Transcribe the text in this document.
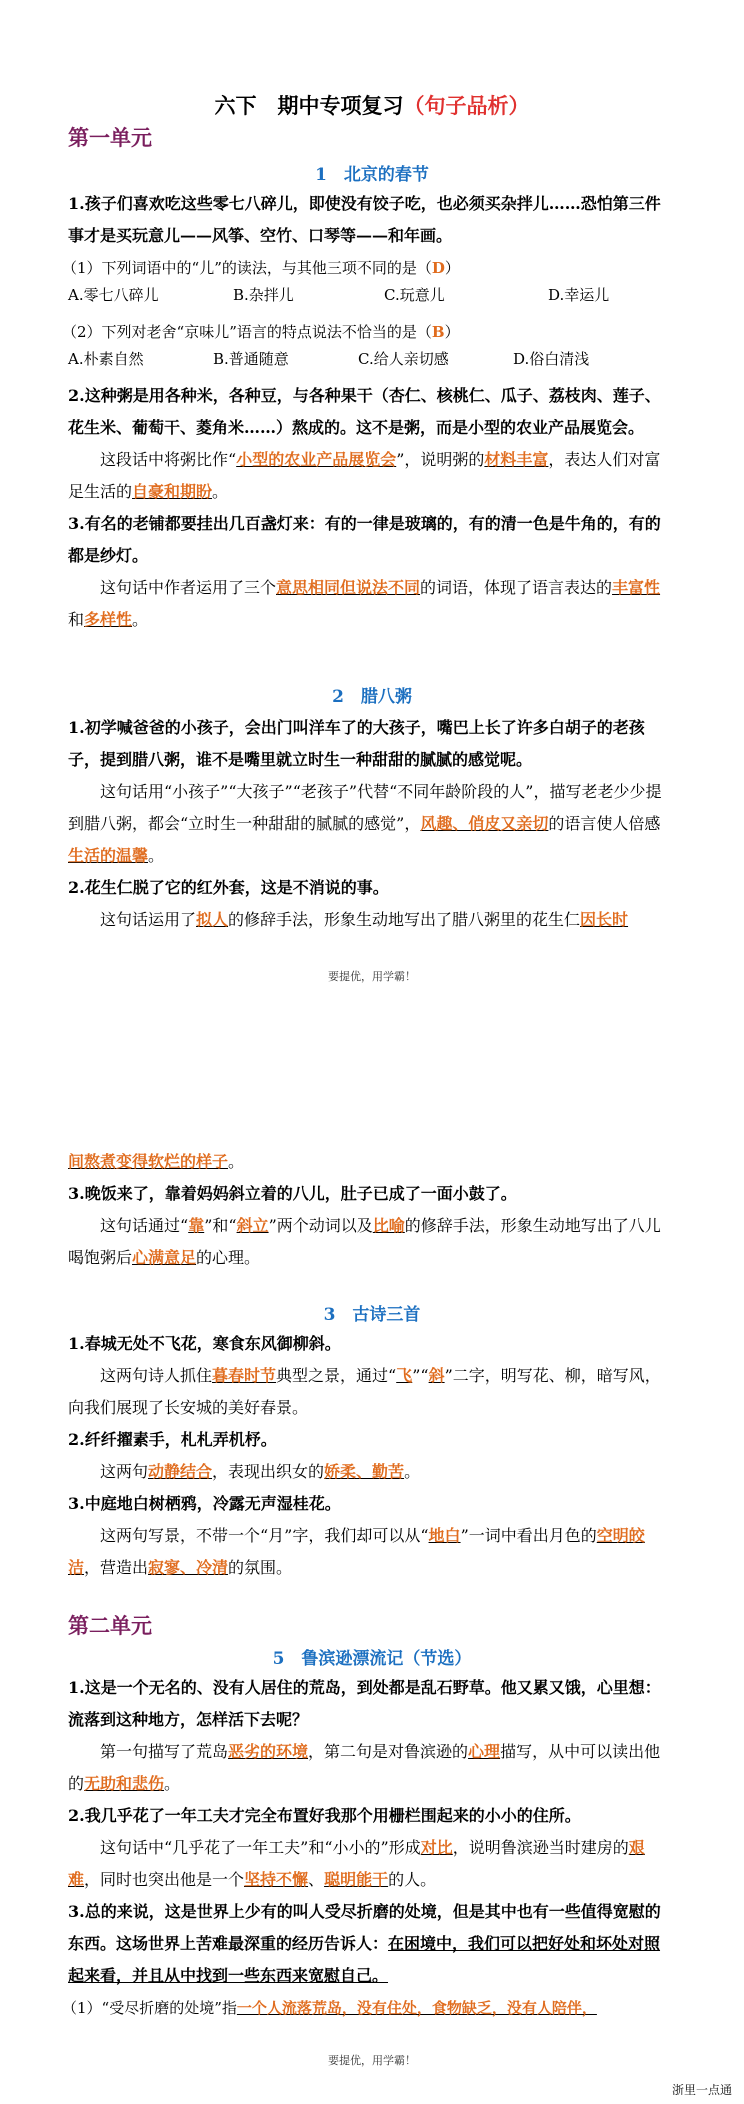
六下　期中专项复习（句子品析）
第一单元
1　北京的春节
1.孩子们喜欢吃这些零七八碎儿，即使没有饺子吃，也必须买杂拌儿……恐怕第三件事才是买玩意儿——风筝、空竹、口琴等——和年画。
（1）下列词语中的“儿”的读法，与其他三项不同的是（D）
A.零七八碎儿	B.杂拌儿	C.玩意儿	D.幸运儿
（2）下列对老舍“京味儿”语言的特点说法不恰当的是（B）
A.朴素自然	B.普通随意	C.给人亲切感	D.俗白清浅
2.这种粥是用各种米，各种豆，与各种果干（杏仁、核桃仁、瓜子、荔枝肉、莲子、花生米、葡萄干、菱角米……）熬成的。这不是粥，而是小型的农业产品展览会。
这段话中将粥比作“小型的农业产品展览会”，说明粥的材料丰富，表达人们对富足生活的自豪和期盼。
3.有名的老铺都要挂出几百盏灯来：有的一律是玻璃的，有的清一色是牛角的，有的都是纱灯。
这句话中作者运用了三个意思相同但说法不同的词语，体现了语言表达的丰富性和多样性。
2　腊八粥
1.初学喊爸爸的小孩子，会出门叫洋车了的大孩子，嘴巴上长了许多白胡子的老孩子，提到腊八粥，谁不是嘴里就立时生一种甜甜的腻腻的感觉呢。
这句话用“小孩子”“大孩子”“老孩子”代替“不同年龄阶段的人”，描写老老少少提到腊八粥，都会“立时生一种甜甜的腻腻的感觉”，风趣、俏皮又亲切的语言使人倍感生活的温馨。
2.花生仁脱了它的红外套，这是不消说的事。
这句话运用了拟人的修辞手法，形象生动地写出了腊八粥里的花生仁因长时
要提优，用学霸！
间熬煮变得软烂的样子。
3.晚饭来了，靠着妈妈斜立着的八儿，肚子已成了一面小鼓了。
这句话通过“靠”和“斜立”两个动词以及比喻的修辞手法，形象生动地写出了八儿喝饱粥后心满意足的心理。
3　古诗三首
1.春城无处不飞花，寒食东风御柳斜。
这两句诗人抓住暮春时节典型之景，通过“飞”“斜”二字，明写花、柳，暗写风，向我们展现了长安城的美好春景。
2.纤纤擢素手，札札弄机杼。
这两句动静结合，表现出织女的娇柔、勤苦。
3.中庭地白树栖鸦，冷露无声湿桂花。
这两句写景，不带一个“月”字，我们却可以从“地白”一词中看出月色的空明皎洁，营造出寂寥、冷清的氛围。
第二单元
5　鲁滨逊漂流记（节选）
1.这是一个无名的、没有人居住的荒岛，到处都是乱石野草。他又累又饿，心里想：流落到这种地方，怎样活下去呢？
第一句描写了荒岛恶劣的环境，第二句是对鲁滨逊的心理描写，从中可以读出他的无助和悲伤。
2.我几乎花了一年工夫才完全布置好我那个用栅栏围起来的小小的住所。
这句话中“几乎花了一年工夫”和“小小的”形成对比，说明鲁滨逊当时建房的艰难，同时也突出他是一个坚持不懈、聪明能干的人。
3.总的来说，这是世界上少有的叫人受尽折磨的处境，但是其中也有一些值得宽慰的东西。这场世界上苦难最深重的经历告诉人：在困境中，我们可以把好处和坏处对照起来看，并且从中找到一些东西来宽慰自己。
（1）“受尽折磨的处境”指一个人流落荒岛，没有住处，食物缺乏，没有人陪伴，
要提优，用学霸！
浙里一点通
